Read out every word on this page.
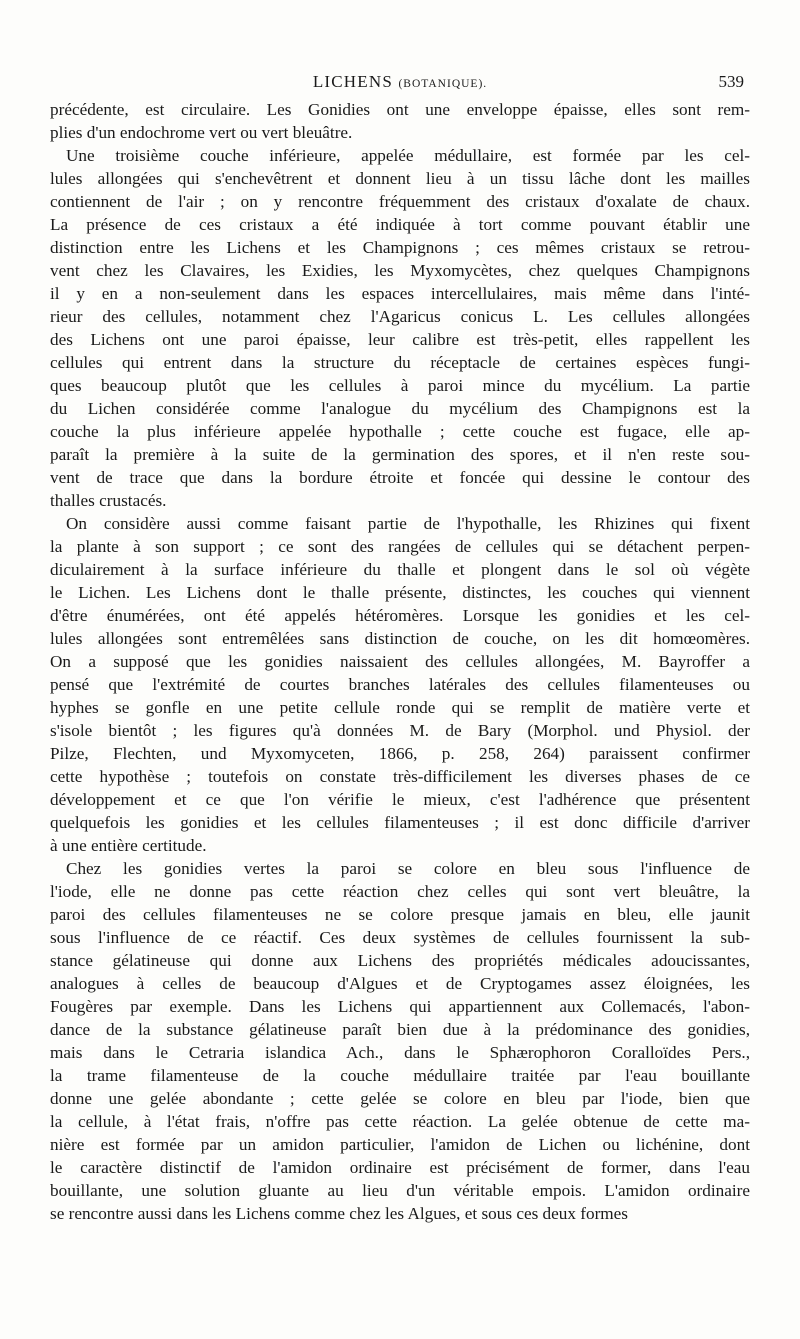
LICHENS (BOTANIQUE).	539
précédente, est circulaire. Les Gonidies ont une enveloppe épaisse, elles sont rem-
plies d'un endochrome vert ou vert bleuâtre.
Une troisième couche inférieure, appelée médullaire, est formée par les cel-
lules allongées qui s'enchevêtrent et donnent lieu à un tissu lâche dont les mailles
contiennent de l'air ; on y rencontre fréquemment des cristaux d'oxalate de chaux.
La présence de ces cristaux a été indiquée à tort comme pouvant établir une
distinction entre les Lichens et les Champignons ; ces mêmes cristaux se retrou-
vent chez les Clavaires, les Exidies, les Myxomycètes, chez quelques Champignons
il y en a non-seulement dans les espaces intercellulaires, mais même dans l'inté-
rieur des cellules, notamment chez l'Agaricus conicus L. Les cellules allongées
des Lichens ont une paroi épaisse, leur calibre est très-petit, elles rappellent les
cellules qui entrent dans la structure du réceptacle de certaines espèces fungi-
ques beaucoup plutôt que les cellules à paroi mince du mycélium. La partie
du Lichen considérée comme l'analogue du mycélium des Champignons est la
couche la plus inférieure appelée hypothalle ; cette couche est fugace, elle ap-
paraît la première à la suite de la germination des spores, et il n'en reste sou-
vent de trace que dans la bordure étroite et foncée qui dessine le contour des
thalles crustacés.
On considère aussi comme faisant partie de l'hypothalle, les Rhizines qui fixent
la plante à son support ; ce sont des rangées de cellules qui se détachent perpen-
diculairement à la surface inférieure du thalle et plongent dans le sol où végète
le Lichen. Les Lichens dont le thalle présente, distinctes, les couches qui viennent
d'être énumérées, ont été appelés hétéromères. Lorsque les gonidies et les cel-
lules allongées sont entremêlées sans distinction de couche, on les dit homœomères.
On a supposé que les gonidies naissaient des cellules allongées, M. Bayroffer a
pensé que l'extrémité de courtes branches latérales des cellules filamenteuses ou
hyphes se gonfle en une petite cellule ronde qui se remplit de matière verte et
s'isole bientôt ; les figures qu'à données M. de Bary (Morphol. und Physiol. der
Pilze, Flechten, und Myxomyceten, 1866, p. 258, 264) paraissent confirmer
cette hypothèse ; toutefois on constate très-difficilement les diverses phases de ce
développement et ce que l'on vérifie le mieux, c'est l'adhérence que présentent
quelquefois les gonidies et les cellules filamenteuses ; il est donc difficile d'arriver
à une entière certitude.
Chez les gonidies vertes la paroi se colore en bleu sous l'influence de
l'iode, elle ne donne pas cette réaction chez celles qui sont vert bleuâtre, la
paroi des cellules filamenteuses ne se colore presque jamais en bleu, elle jaunit
sous l'influence de ce réactif. Ces deux systèmes de cellules fournissent la sub-
stance gélatineuse qui donne aux Lichens des propriétés médicales adoucissantes,
analogues à celles de beaucoup d'Algues et de Cryptogames assez éloignées, les
Fougères par exemple. Dans les Lichens qui appartiennent aux Collemacés, l'abon-
dance de la substance gélatineuse paraît bien due à la prédominance des gonidies,
mais dans le Cetraria islandica Ach., dans le Sphærophoron Coralloïdes Pers.,
la trame filamenteuse de la couche médullaire traitée par l'eau bouillante
donne une gelée abondante ; cette gelée se colore en bleu par l'iode, bien que
la cellule, à l'état frais, n'offre pas cette réaction. La gelée obtenue de cette ma-
nière est formée par un amidon particulier, l'amidon de Lichen ou lichénine, dont
le caractère distinctif de l'amidon ordinaire est précisément de former, dans l'eau
bouillante, une solution gluante au lieu d'un véritable empois. L'amidon ordinaire
se rencontre aussi dans les Lichens comme chez les Algues, et sous ces deux formes
